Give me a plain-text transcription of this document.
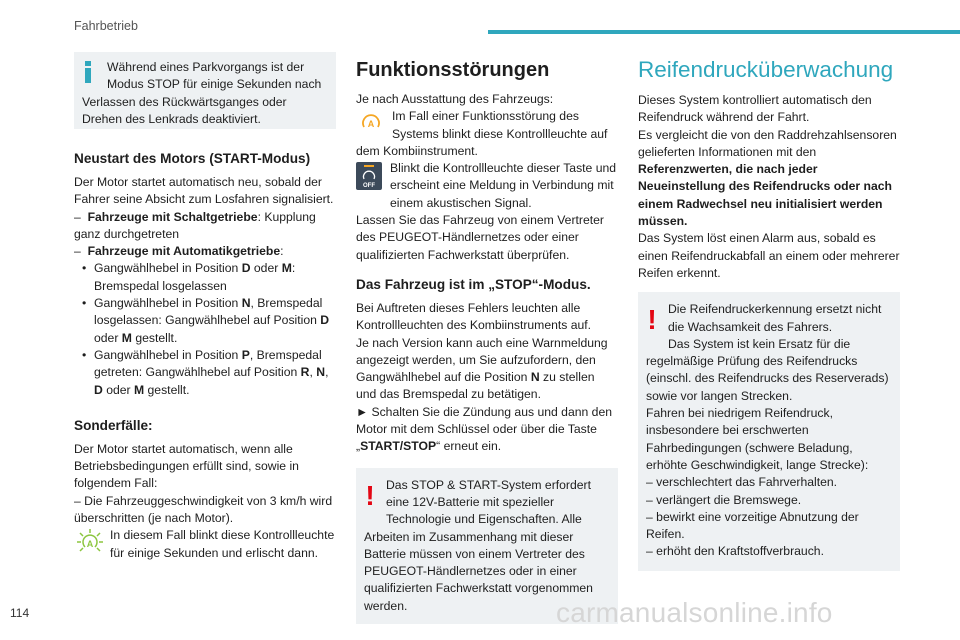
Fahrbetrieb

Während eines Parkvorgangs ist der

Modus STOP für einige Sekunden nach

Verlassen des Rückwärtsganges oder Drehen des Lenkrads deaktiviert.

Neustart des Motors (START-Modus)

Der Motor startet automatisch neu, sobald der Fahrer seine Absicht zum Losfahren signalisiert.

– Fahrzeuge mit Schaltgetriebe: Kupplung ganz durchgetreten

– Fahrzeuge mit Automatikgetriebe:

• Gangwählhebel in Position D oder M: Bremspedal losgelassen
• Gangwählhebel in Position N, Bremspedal losgelassen: Gangwählhebel auf Position D oder M gestellt.
• Gangwählhebel in Position P, Bremspedal getreten: Gangwählhebel auf Position R, N, D oder M gestellt.
Sonderfälle:

Der Motor startet automatisch, wenn alle Betriebsbedingungen erfüllt sind, sowie in folgendem Fall:

– Die Fahrzeuggeschwindigkeit von 3 km/h wird überschritten (je nach Motor).

A

In diesem Fall blinkt diese Kontrollleuchte für einige Sekunden und erlischt dann.

Funktionsstörungen

Je nach Ausstattung des Fahrzeugs:

A

Im Fall einer Funktionsstörung des Systems blinkt diese Kontrollleuchte auf dem Kombiinstrument.

OFF

Blinkt die Kontrollleuchte dieser Taste und erscheint eine Meldung in Verbindung mit einem akustischen Signal.

Lassen Sie das Fahrzeug von einem Vertreter des PEUGEOT-Händlernetzes oder einer qualifizierten Fachwerkstatt überprüfen.

Das Fahrzeug ist im „STOP“-Modus.

Bei Auftreten dieses Fehlers leuchten alle Kontrollleuchten des Kombiinstruments auf.

Je nach Version kann auch eine Warnmeldung angezeigt werden, um Sie aufzufordern, den Gangwählhebel auf die Position N zu stellen und das Bremspedal zu betätigen.

► Schalten Sie die Zündung aus und dann den Motor mit dem Schlüssel oder über die Taste „START/STOP“ erneut ein.

! Das STOP & START-System erfordert

eine 12V-Batterie mit spezieller

Technologie und Eigenschaften. Alle Arbeiten im Zusammenhang mit dieser Batterie müssen von einem Vertreter des PEUGEOT-Händlernetzes oder in einer qualifizierten Fachwerkstatt vorgenommen werden.

Reifendrucküberwachung

Dieses System kontrolliert automatisch den Reifendruck während der Fahrt.

Es vergleicht die von den Raddrehzahlsensoren gelieferten Informationen mit den Referenzwerten, die nach jeder Neueinstellung des Reifendrucks oder nach einem Radwechsel neu initialisiert werden müssen.

Das System löst einen Alarm aus, sobald es einen Reifendruckabfall an einem oder mehrerer Reifen erkennt.

! Die Reifendruckerkennung ersetzt nicht

die Wachsamkeit des Fahrers.

Das System ist kein Ersatz für die regelmäßige Prüfung des Reifendrucks (einschl. des Reifendrucks des Reserverads) sowie vor langen Strecken.

Fahren bei niedrigem Reifendruck, insbesondere bei erschwerten Fahrbedingungen (schwere Beladung, erhöhte Geschwindigkeit, lange Strecke):

– verschlechtert das Fahrverhalten.

– verlängert die Bremswege.

– bewirkt eine vorzeitige Abnutzung der Reifen.

– erhöht den Kraftstoffverbrauch.

114	carmanualsonline.info
